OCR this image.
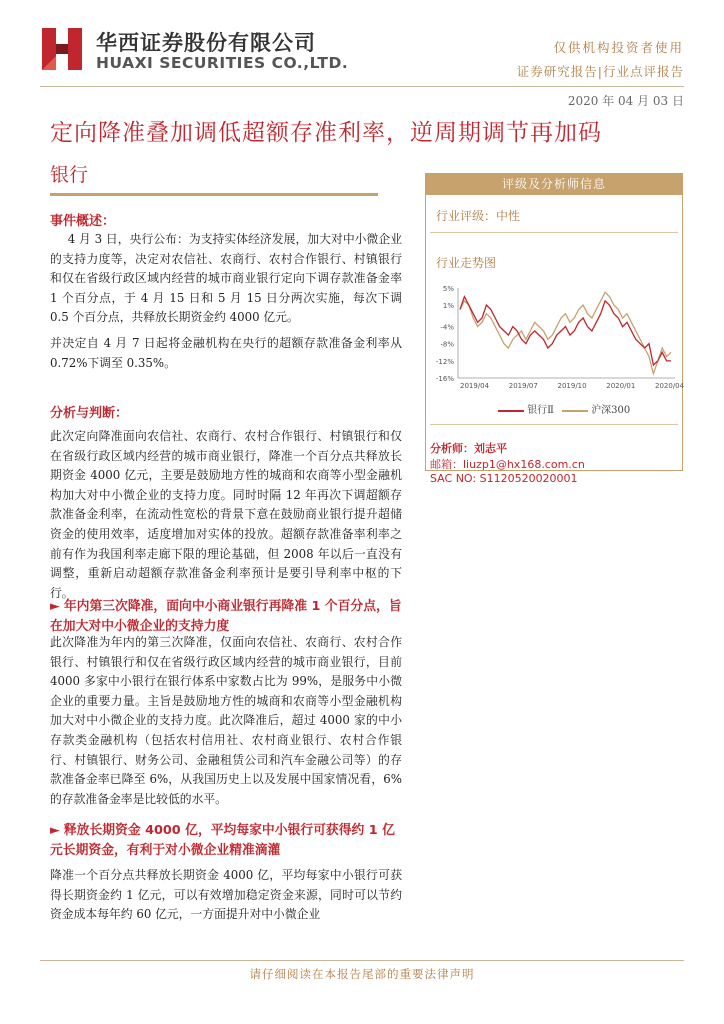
华西证券股份有限公司
HUAXI SECURITIES CO.,LTD.
仅供机构投资者使用
证券研究报告|行业点评报告
2020 年 04 月 03 日
定向降准叠加调低超额存准利率，逆周期调节再加码
银行
事件概述：
4 月 3 日，央行公布：为支持实体经济发展，加大对中小微企业的支持力度等，决定对农信社、农商行、农村合作银行、村镇银行和仅在省级行政区域内经营的城市商业银行定向下调存款准备金率 1 个百分点，于 4 月 15 日和 5 月 15 日分两次实施，每次下调 0.5 个百分点，共释放长期资金约 4000 亿元。
并决定自 4 月 7 日起将金融机构在央行的超额存款准备金利率从 0.72%下调至 0.35%。
分析与判断：
此次定向降准面向农信社、农商行、农村合作银行、村镇银行和仅在省级行政区域内经营的城市商业银行，降准一个百分点共释放长期资金 4000 亿元，主要是鼓励地方性的城商和农商等小型金融机构加大对中小微企业的支持力度。同时时隔 12 年再次下调超额存款准备金利率，在流动性宽松的背景下意在鼓励商业银行提升超储资金的使用效率，适度增加对实体的投放。超额存款准备率利率之前有作为我国利率走廊下限的理论基础，但 2008 年以后一直没有调整，重新启动超额存款准备金利率预计是要引导利率中枢的下行。
► 年内第三次降准，面向中小商业银行再降准 1 个百分点，旨在加大对中小微企业的支持力度
此次降准为年内的第三次降准，仅面向农信社、农商行、农村合作银行、村镇银行和仅在省级行政区域内经营的城市商业银行，目前 4000 多家中小银行在银行体系中家数占比为 99%，是服务中小微企业的重要力量。主旨是鼓励地方性的城商和农商等小型金融机构加大对中小微企业的支持力度。此次降准后，超过 4000 家的中小存款类金融机构（包括农村信用社、农村商业银行、农村合作银行、村镇银行、财务公司、金融租赁公司和汽车金融公司等）的存款准备金率已降至 6%，从我国历史上以及发展中国家情况看，6%的存款准备金率是比较低的水平。
► 释放长期资金 4000 亿，平均每家中小银行可获得约 1 亿元长期资金，有利于对小微企业精准滴灌
降准一个百分点共释放长期资金 4000 亿，平均每家中小银行可获得长期资金约 1 亿元，可以有效增加稳定资金来源，同时可以节约资金成本每年约 60 亿元，一方面提升对中小微企业
评级及分析师信息
行业评级：中性
行业走势图
5%
1%
-4%
-8%
-12%
-16%
2019/04	2019/07	2019/10	2020/01	2020/04
银行Ⅱ	沪深300
分析师：刘志平
邮箱：liuzp1@hx168.com.cn
SAC NO: S1120520020001
请仔细阅读在本报告尾部的重要法律声明
